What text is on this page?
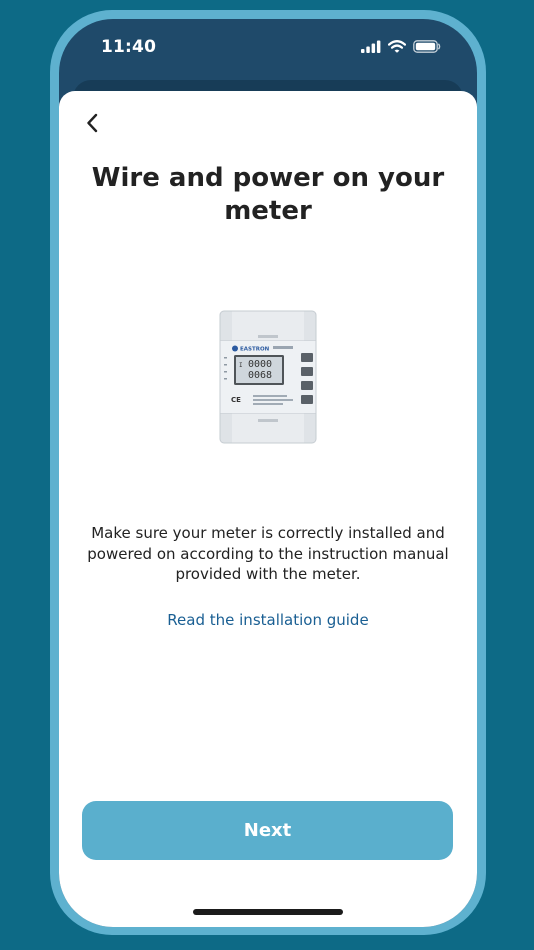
11:40
Wire and power on your meter
EASTRON
I 0000
0068
CE
Make sure your meter is correctly installed and powered on according to the instruction manual provided with the meter.
Read the installation guide
Next
